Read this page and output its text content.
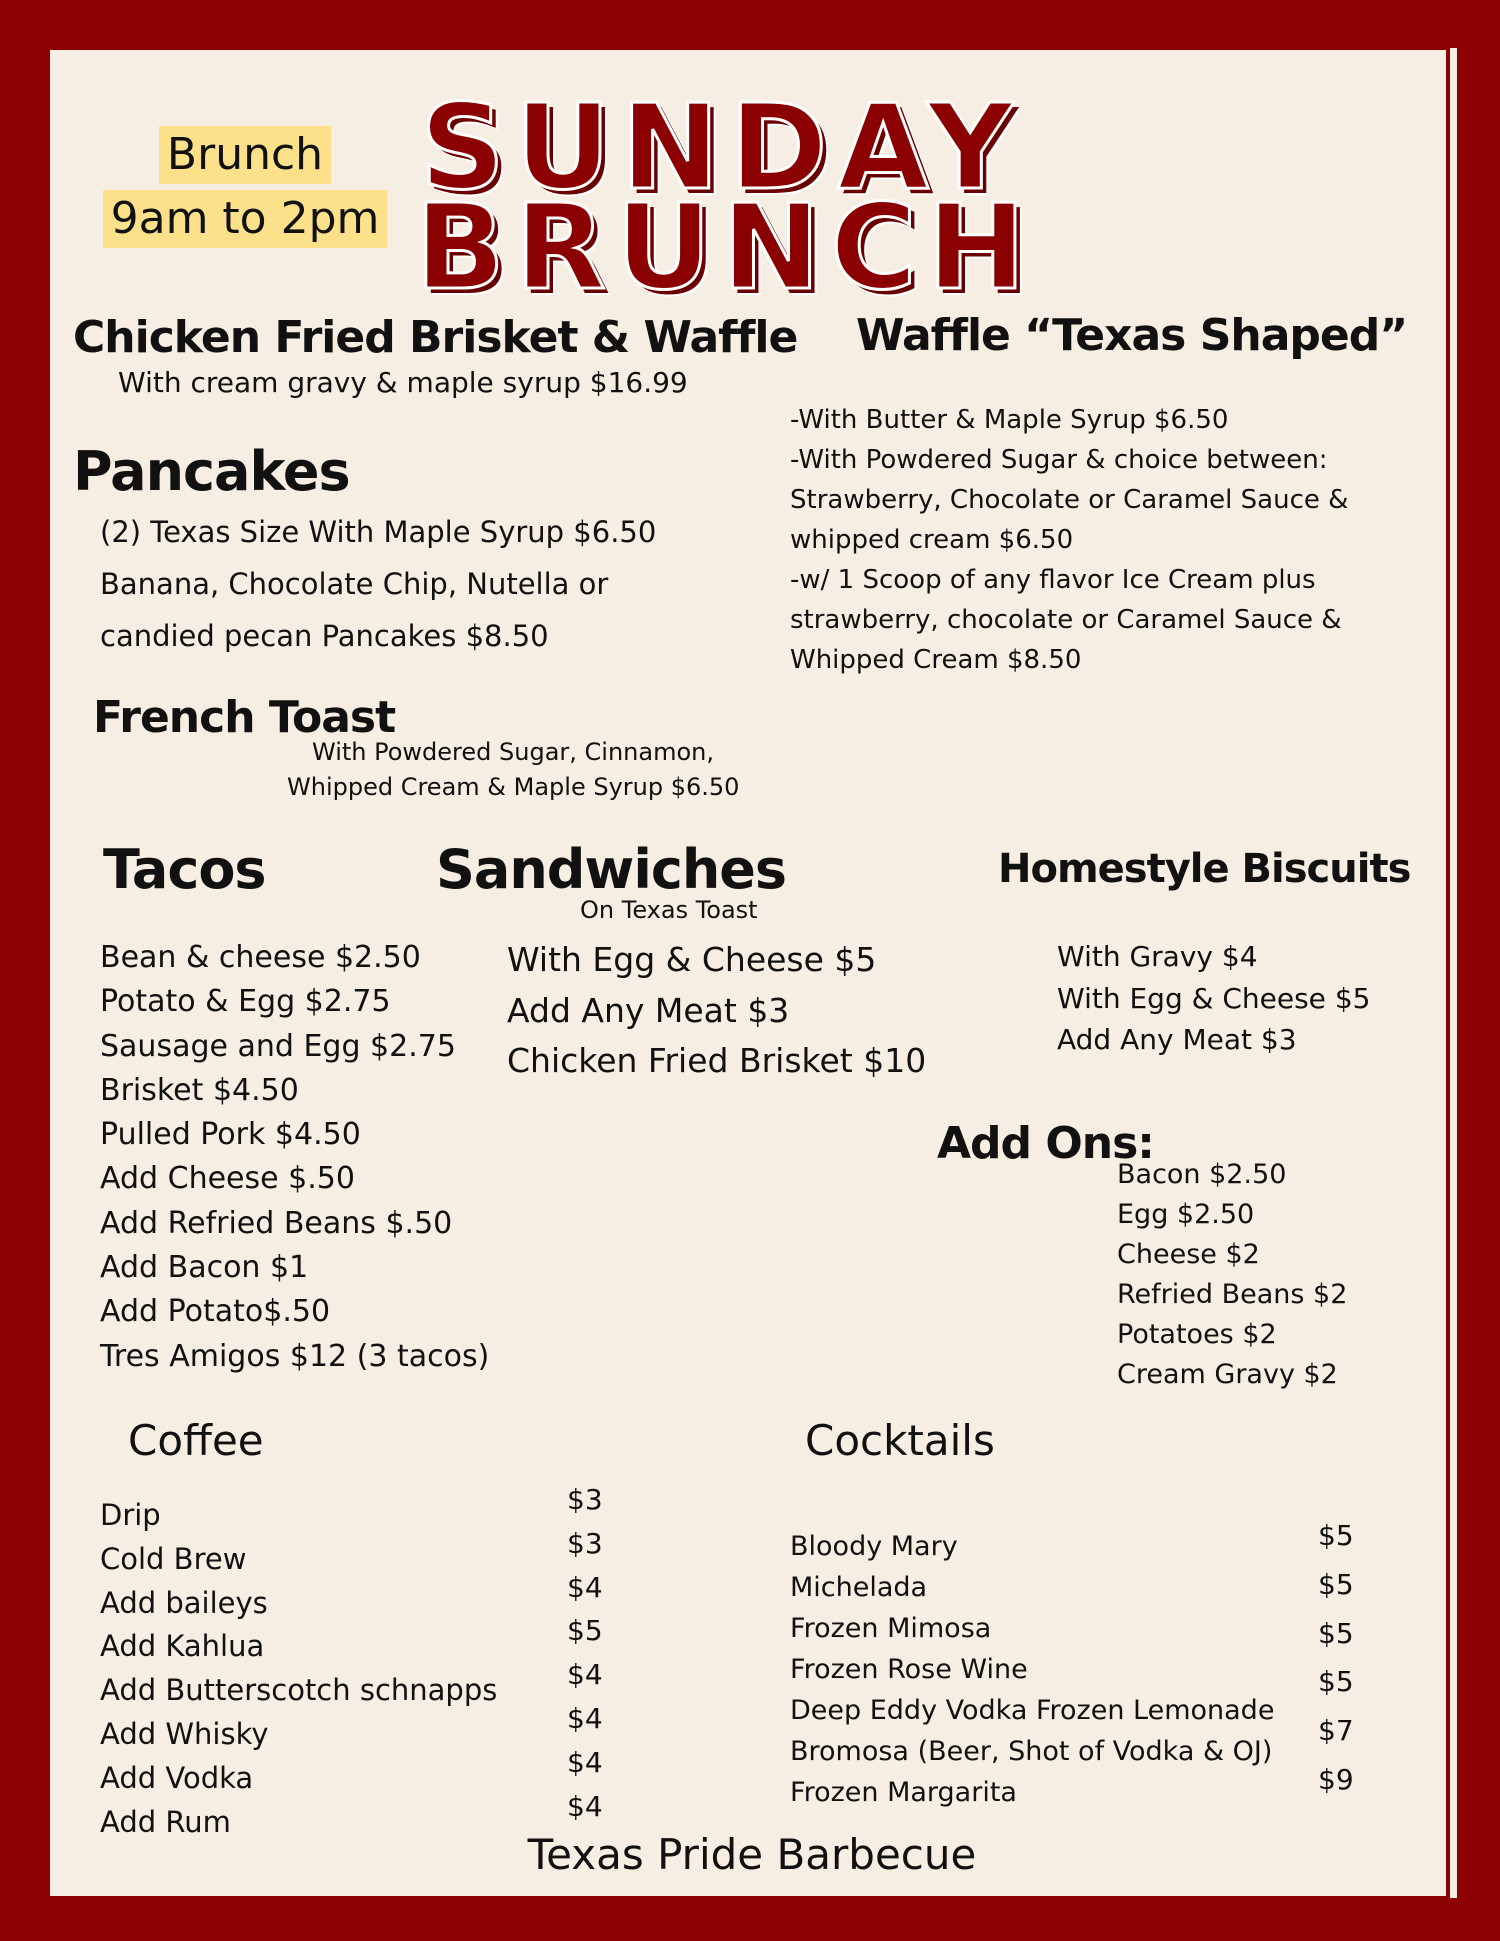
Brunch
9am to 2pm
SUNDAY
BRUNCH
Chicken Fried Brisket & Waffle
With cream gravy & maple syrup $16.99
Waffle “Texas Shaped”
-With Butter & Maple Syrup $6.50
-With Powdered Sugar & choice between:
Strawberry, Chocolate or Caramel Sauce &
whipped cream $6.50
-w/ 1 Scoop of any flavor Ice Cream plus
strawberry, chocolate or Caramel Sauce &
Whipped Cream $8.50
Pancakes
(2) Texas Size With Maple Syrup $6.50
Banana, Chocolate Chip, Nutella or
candied pecan Pancakes $8.50
French Toast
With Powdered Sugar, Cinnamon,
Whipped Cream & Maple Syrup $6.50
Tacos
Bean & cheese $2.50
Potato & Egg $2.75
Sausage and Egg $2.75
Brisket $4.50
Pulled Pork $4.50
Add Cheese $.50
Add Refried Beans $.50
Add Bacon $1
Add Potato$.50
Tres Amigos $12 (3 tacos)
Sandwiches
On Texas Toast
With Egg & Cheese $5
Add Any Meat $3
Chicken Fried Brisket $10
Homestyle Biscuits
With Gravy $4
With Egg & Cheese $5
Add Any Meat $3
Add Ons:
Bacon $2.50
Egg $2.50
Cheese $2
Refried Beans $2
Potatoes $2
Cream Gravy $2
Coffee
Drip
Cold Brew
Add baileys
Add Kahlua
Add Butterscotch schnapps
Add Whisky
Add Vodka
Add Rum
$3
$3
$4
$5
$4
$4
$4
$4
Cocktails
Bloody Mary
Michelada
Frozen Mimosa
Frozen Rose Wine
Deep Eddy Vodka Frozen Lemonade
Bromosa (Beer, Shot of Vodka & OJ)
Frozen Margarita
$5
$5
$5
$5
$7
$9
Texas Pride Barbecue
